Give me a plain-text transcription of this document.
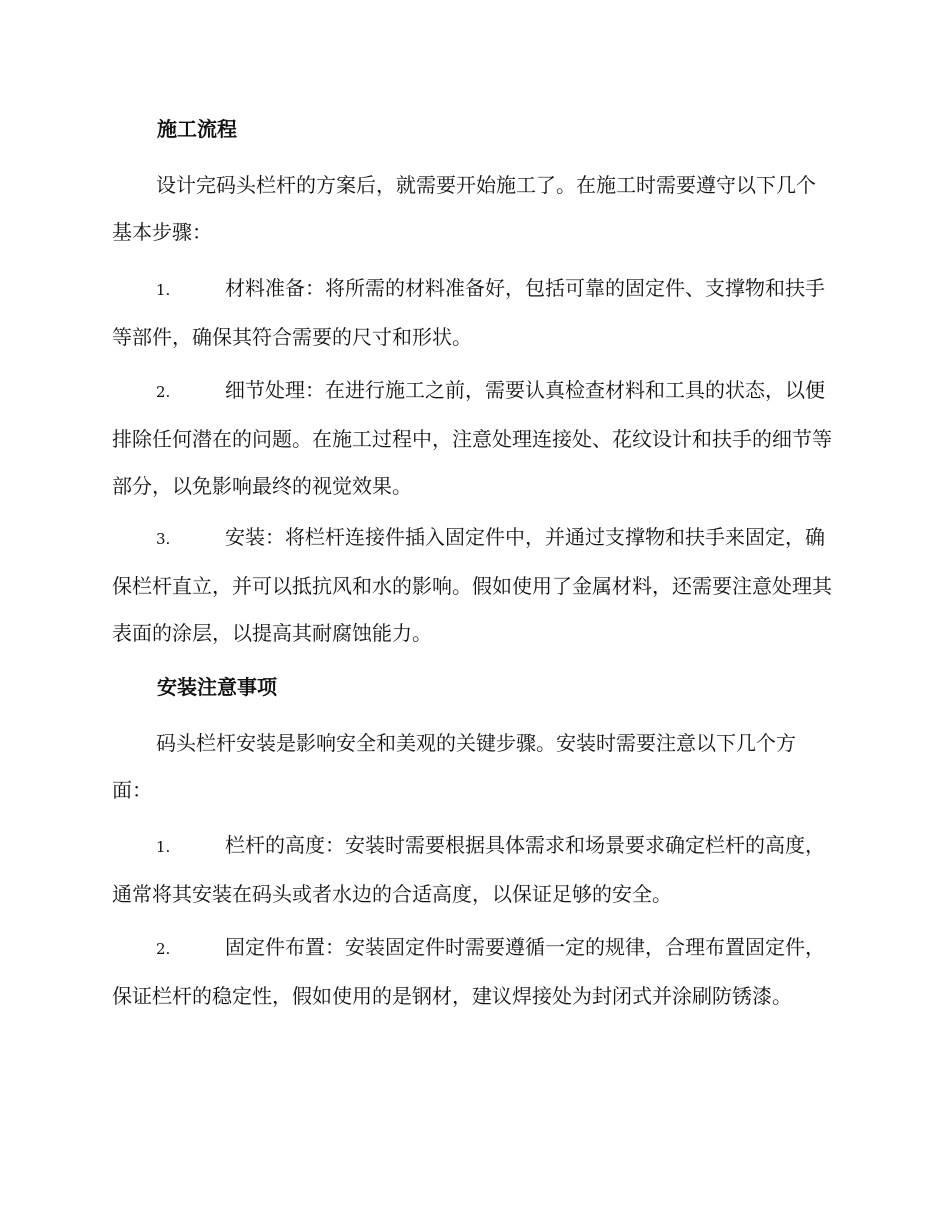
施工流程

设计完码头栏杆的方案后，就需要开始施工了。在施工时需要遵守以下几个基本步骤：

1.	材料准备：将所需的材料准备好，包括可靠的固定件、支撑物和扶手等部件，确保其符合需要的尺寸和形状。

2.	细节处理：在进行施工之前，需要认真检查材料和工具的状态，以便排除任何潜在的问题。在施工过程中，注意处理连接处、花纹设计和扶手的细节等部分，以免影响最终的视觉效果。

3.	安装：将栏杆连接件插入固定件中，并通过支撑物和扶手来固定，确保栏杆直立，并可以抵抗风和水的影响。假如使用了金属材料，还需要注意处理其表面的涂层，以提高其耐腐蚀能力。

安装注意事项

码头栏杆安装是影响安全和美观的关键步骤。安装时需要注意以下几个方面：

1.	栏杆的高度：安装时需要根据具体需求和场景要求确定栏杆的高度，通常将其安装在码头或者水边的合适高度，以保证足够的安全。

2.	固定件布置：安装固定件时需要遵循一定的规律，合理布置固定件，保证栏杆的稳定性，假如使用的是钢材，建议焊接处为封闭式并涂刷防锈漆。
